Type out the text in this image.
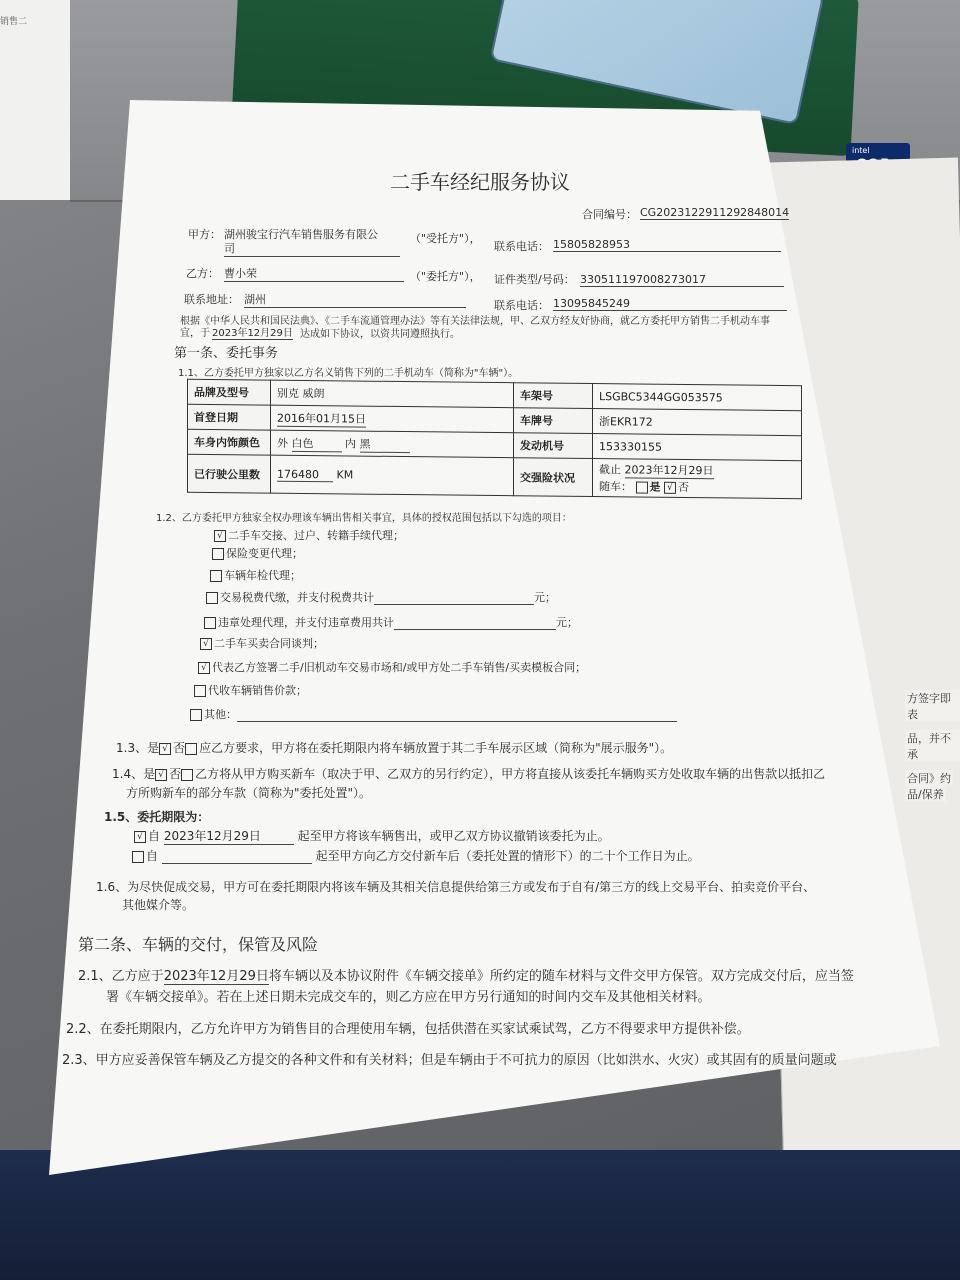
销售二
intel
方签字即表
品，并不承
合同》约
品/保养
二手车经纪服务协议
合同编号： CG2023122911292848014
甲方： 湖州骏宝行汽车销售服务有限公
司
（"受托方"），
联系电话： 15805828953
乙方： 曹小荣	（"委托方"）， 证件类型/号码： 330511197008273017
联系地址： 湖州	联系电话： 13095845249
根据《中华人民共和国民法典》、《二手车流通管理办法》等有关法律法规，甲、乙双方经友好协商，就乙方委托甲方销售二手机动车事
宜，于 2023年12月29日 达成如下协议，以资共同遵照执行。
第一条、委托事务
1.1、乙方委托甲方独家以乙方名义销售下列的二手机动车（简称为"车辆"）。
品牌及型号	别克 威朗	车架号	LSGBC5344GG053575
首登日期	2016年01月15日	车牌号	浙EKR172
车身内饰颜色	外 白色 内 黑	发动机号	153330155
已行驶公里数	176480 KM	交强险状况	截止 2023年12月29日
随车： 是 √ 否
1.2、乙方委托甲方独家全权办理该车辆出售相关事宜，具体的授权范围包括以下勾选的项目：
√二手车交接、过户、转籍手续代理；
保险变更代理；
车辆年检代理；
交易税费代缴，并支付税费共计	元；
违章处理代理，并支付违章费用共计	元；
√二手车买卖合同谈判；
√代表乙方签署二手/旧机动车交易市场和/或甲方处二手车销售/买卖模板合同；
代收车辆销售价款；
其他：
1.3、是 √ 否 应乙方要求，甲方将在委托期限内将车辆放置于其二手车展示区域（简称为"展示服务"）。
1.4、是 √ 否 乙方将从甲方购买新车（取决于甲、乙双方的另行约定），甲方将直接从该委托车辆购买方处收取车辆的出售款以抵扣乙
方所购新车的部分车款（简称为"委托处置"）。
1.5、委托期限为：
√自 2023年12月29日	起至甲方将该车辆售出，或甲乙双方协议撤销该委托为止。
自	起至甲方向乙方交付新车后（委托处置的情形下）的二十个工作日为止。
1.6、为尽快促成交易，甲方可在委托期限内将该车辆及其相关信息提供给第三方或发布于自有/第三方的线上交易平台、拍卖竞价平台、
其他媒介等。
第二条、车辆的交付，保管及风险
2.1、乙方应于2023年12月29日将车辆以及本协议附件《车辆交接单》所约定的随车材料与文件交甲方保管。双方完成交付后，应当签
署《车辆交接单》。若在上述日期未完成交车的，则乙方应在甲方另行通知的时间内交车及其他相关材料。
2.2、在委托期限内，乙方允许甲方为销售目的合理使用车辆，包括供潜在买家试乘试驾，乙方不得要求甲方提供补偿。
2.3、甲方应妥善保管车辆及乙方提交的各种文件和有关材料；但是车辆由于不可抗力的原因（比如洪水、火灾）或其固有的质量问题或
